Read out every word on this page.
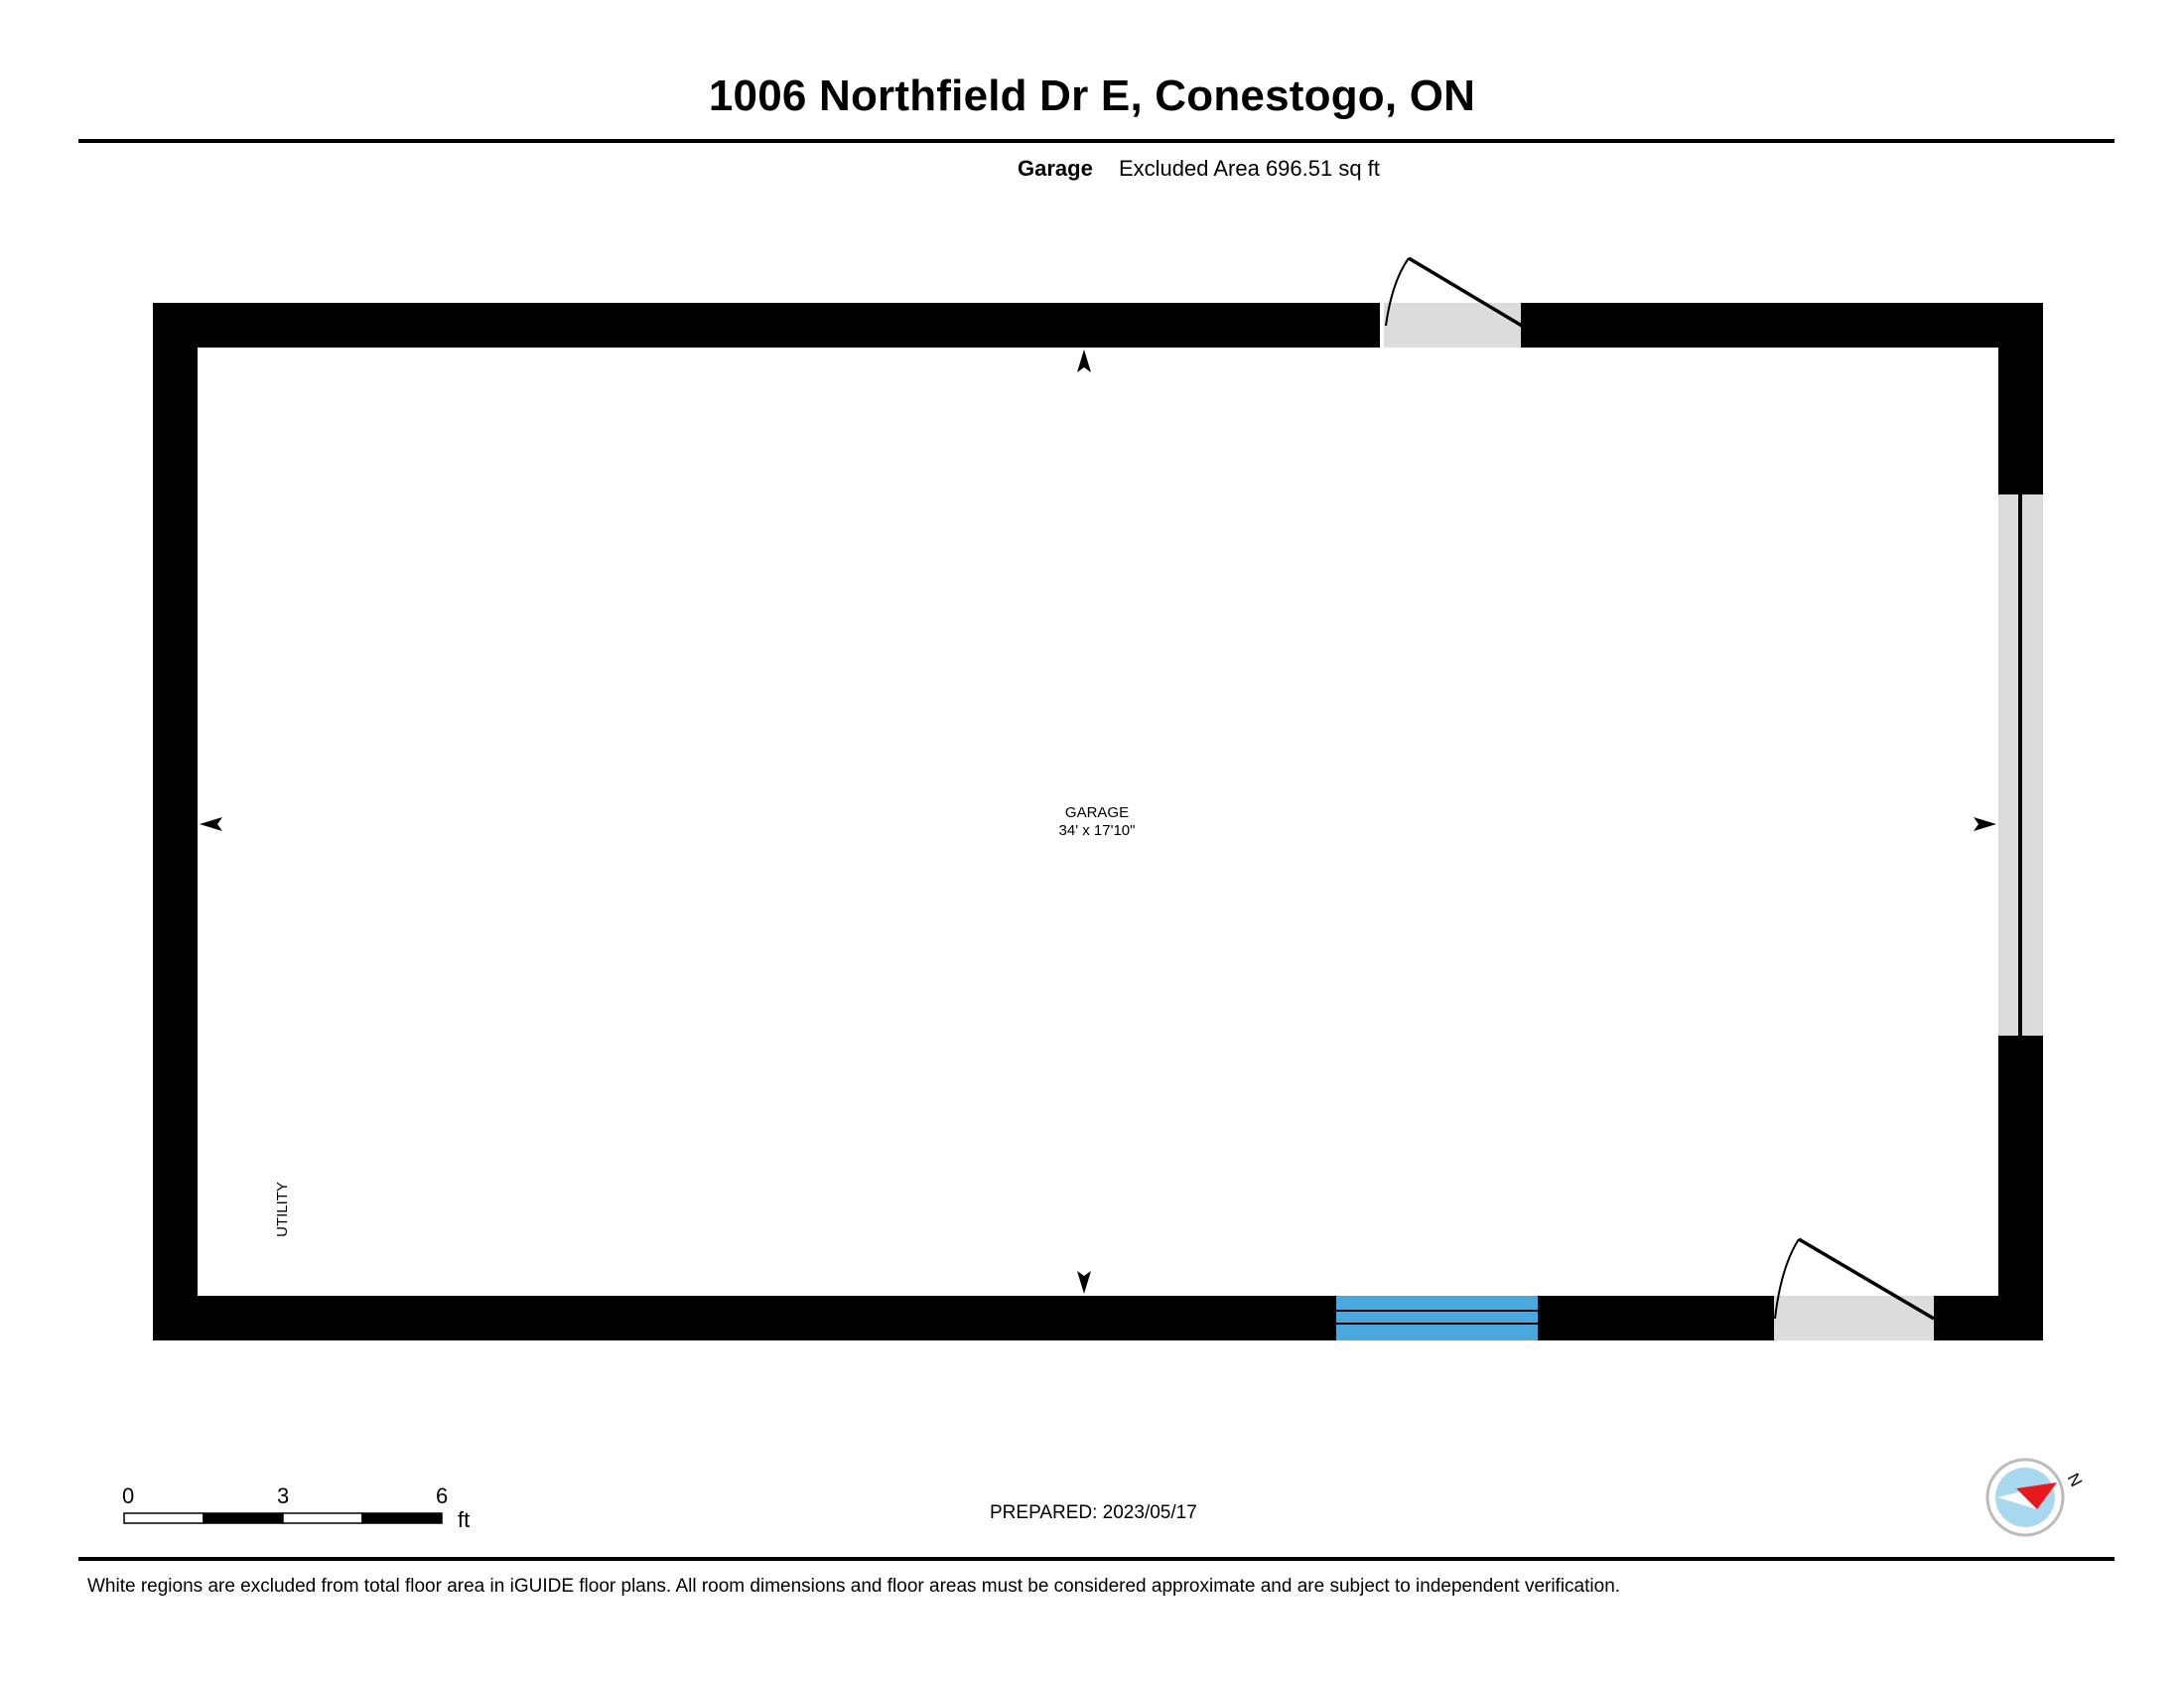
1006 Northfield Dr E, Conestogo, ON
Garage Excluded Area 696.51 sq ft
GARAGE
34' x 17'10"
UTILITY
N
0	3	6
ft	PREPARED: 2023/05/17
White regions are excluded from total floor area in iGUIDE floor plans. All room dimensions and floor areas must be considered approximate and are subject to independent verification.
